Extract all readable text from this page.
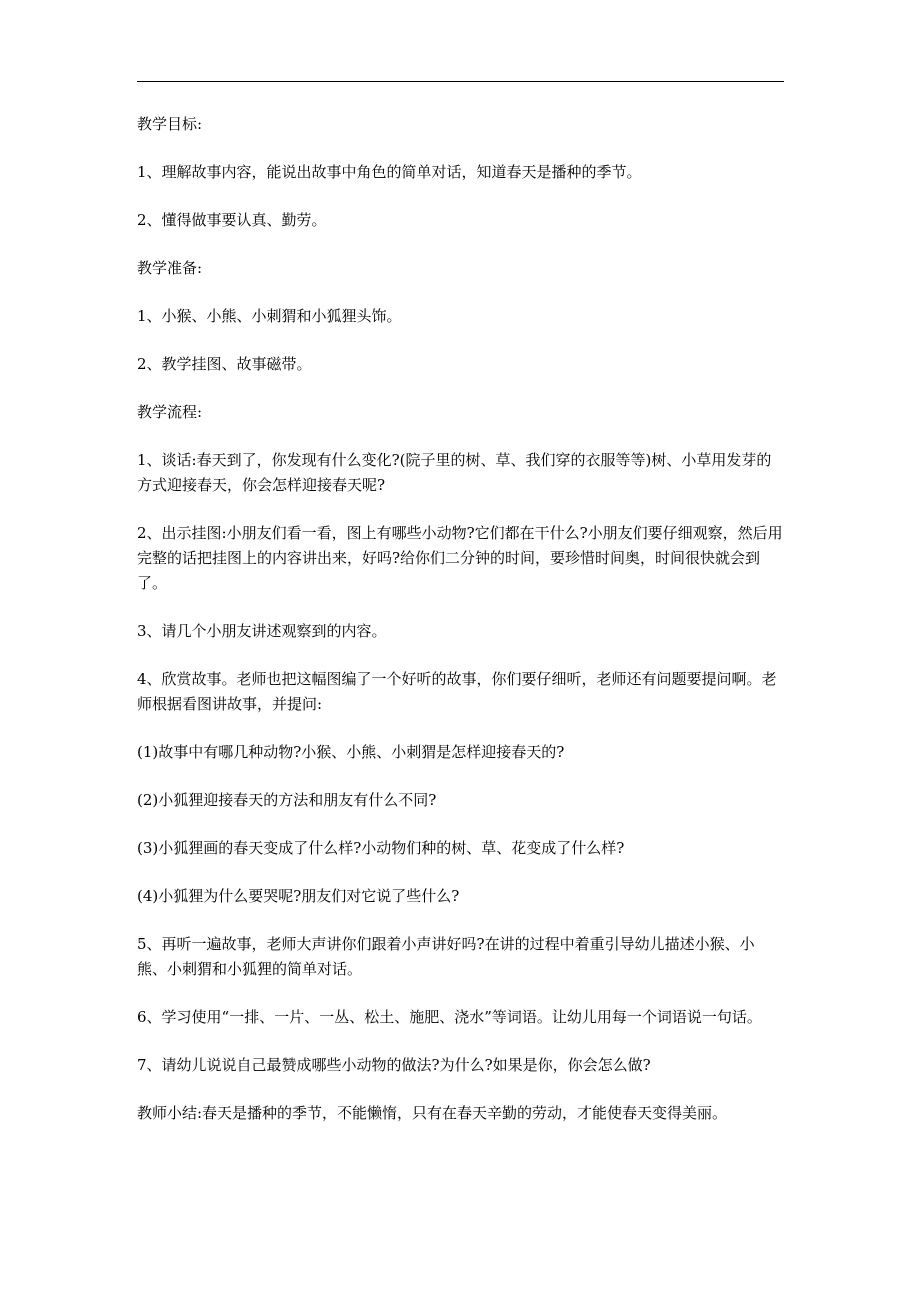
教学目标:

1、理解故事内容，能说出故事中角色的简单对话，知道春天是播种的季节。

2、懂得做事要认真、勤劳。

教学准备:

1、小猴、小熊、小刺猬和小狐狸头饰。

2、教学挂图、故事磁带。

教学流程:

1、谈话:春天到了，你发现有什么变化?(院子里的树、草、我们穿的衣服等等)树、小草用发芽的方式迎接春天，你会怎样迎接春天呢?

2、出示挂图:小朋友们看一看，图上有哪些小动物?它们都在干什么?小朋友们要仔细观察，然后用完整的话把挂图上的内容讲出来，好吗?给你们二分钟的时间，要珍惜时间奥，时间很快就会到了。

3、请几个小朋友讲述观察到的内容。

4、欣赏故事。老师也把这幅图编了一个好听的故事，你们要仔细听，老师还有问题要提问啊。老师根据看图讲故事，并提问:

(1)故事中有哪几种动物?小猴、小熊、小刺猬是怎样迎接春天的?

(2)小狐狸迎接春天的方法和朋友有什么不同?

(3)小狐狸画的春天变成了什么样?小动物们种的树、草、花变成了什么样?

(4)小狐狸为什么要哭呢?朋友们对它说了些什么?

5、再听一遍故事，老师大声讲你们跟着小声讲好吗?在讲的过程中着重引导幼儿描述小猴、小熊、小刺猬和小狐狸的简单对话。

6、学习使用“一排、一片、一丛、松土、施肥、浇水”等词语。让幼儿用每一个词语说一句话。

7、请幼儿说说自己最赞成哪些小动物的做法?为什么?如果是你，你会怎么做?

教师小结:春天是播种的季节，不能懒惰，只有在春天辛勤的劳动，才能使春天变得美丽。
